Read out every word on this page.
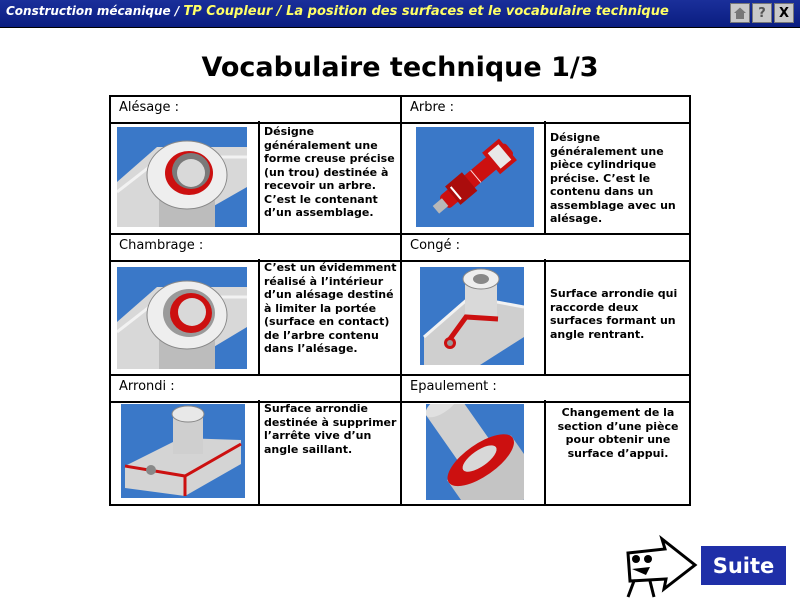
Construction mécanique / TP Coupleur / La position des surfaces et le vocabulaire technique	?	X
Vocabulaire technique 1/3
Alésage :
Désigne généralement une forme creuse précise (un trou) destinée à recevoir un arbre. C’est le contenant d’un assemblage.
Arbre :
Désigne généralement une pièce cylindrique précise. C’est le contenu dans un assemblage avec un alésage.
Chambrage :
C’est un évidemment réalisé à l’intérieur d’un alésage destiné à limiter la portée (surface en contact) de l’arbre contenu dans l’alésage.
Congé :
Surface arrondie qui raccorde deux surfaces formant un angle rentrant.
Arrondi :
Surface arrondie destinée à supprimer l’arrête vive d’un angle saillant.
Epaulement :
Changement de la section d’une pièce pour obtenir une surface d’appui.
Suite
